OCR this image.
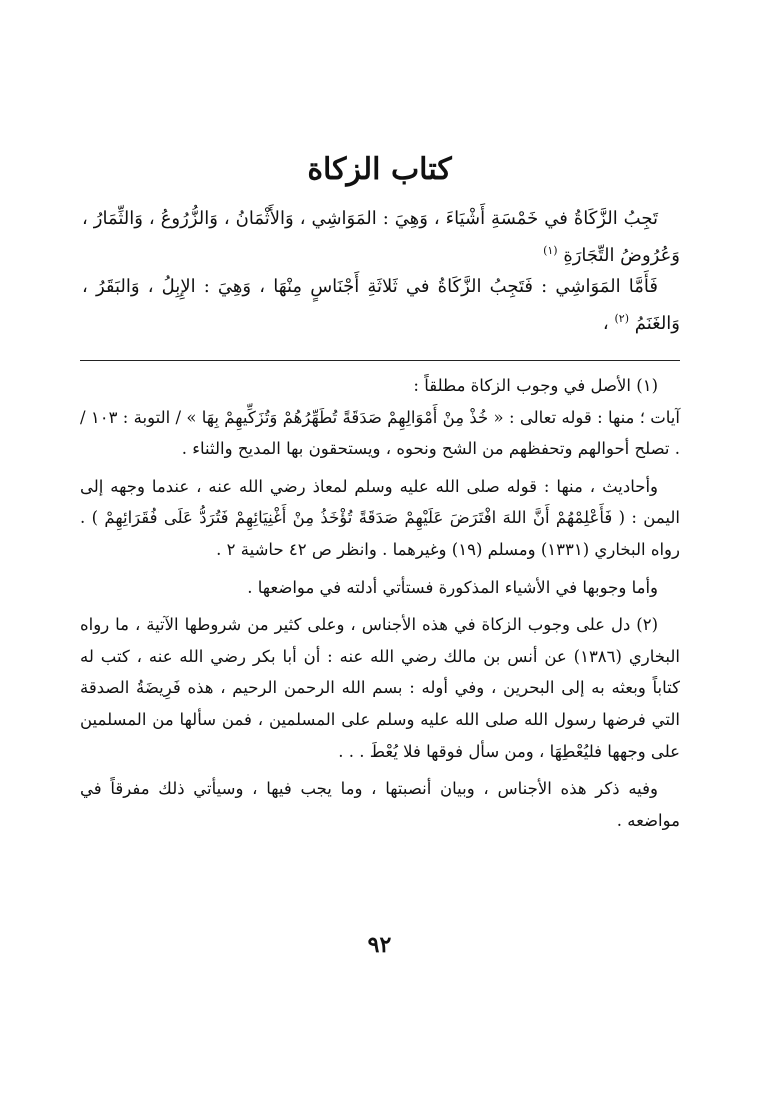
كتاب الزكاة

تَجِبُ الزَّكَاةُ في خَمْسَةِ أَشْيَاءَ ، وَهِيَ : المَوَاشِي ، وَالأَثْمَانُ ، وَالزُّرُوعُ ، وَالثِّمَارُ ، وَعُرُوضُ التِّجَارَةِ $^{(١)}$

فَأَمَّا المَوَاشِي : فَتَجِبُ الزَّكَاةُ في ثَلاثَةِ أَجْنَاسٍ مِنْهَا ، وَهِيَ : الإِبِلُ ، وَالبَقَرُ ، وَالغَنَمُ $^{(٢)}$ ،

(١) الأصل في وجوب الزكاة مطلقاً :

آيات ؛ منها : قوله تعالى : « خُذْ مِنْ أَمْوَالِهِمْ صَدَقَةً تُطَهِّرُهُمْ وَتُزَكِّيهِمْ بِهَا » / التوبة : ١٠٣ / . تصلح أحوالهم وتحفظهم من الشح ونحوه ، ويستحقون بها المديح والثناء .

وأحاديث ، منها : قوله صلى الله عليه وسلم لمعاذ رضي الله عنه ، عندما وجهه إلى اليمن : ( فَأَعْلِمْهُمْ أَنَّ اللهَ افْتَرَضَ عَلَيْهِمْ صَدَقَةً تُؤْخَذُ مِنْ أَغْنِيَائِهِمْ فَتُرَدُّ عَلَى فُقَرَائِهِمْ ) . رواه البخاري (١٣٣١) ومسلم (١٩) وغيرهما . وانظر ص ٤٢ حاشية ٢ .

وأما وجوبها في الأشياء المذكورة فستأتي أدلته في مواضعها .

(٢) دل على وجوب الزكاة في هذه الأجناس ، وعلى كثير من شروطها الآتية ، ما رواه البخاري (١٣٨٦) عن أنس بن مالك رضي الله عنه : أن أبا بكر رضي الله عنه ، كتب له كتاباً وبعثه به إلى البحرين ، وفي أوله : بسم الله الرحمن الرحيم ، هذه فَرِيضَةُ الصدقة التي فرضها رسول الله صلى الله عليه وسلم على المسلمين ، فمن سألها من المسلمين على وجهها فليُعْطِهَا ، ومن سأل فوقها فلا يُعْطَ . . .

وفيه ذكر هذه الأجناس ، وبيان أنصبتها ، وما يجب فيها ، وسيأتي ذلك مفرقاً في مواضعه .

٩٢
